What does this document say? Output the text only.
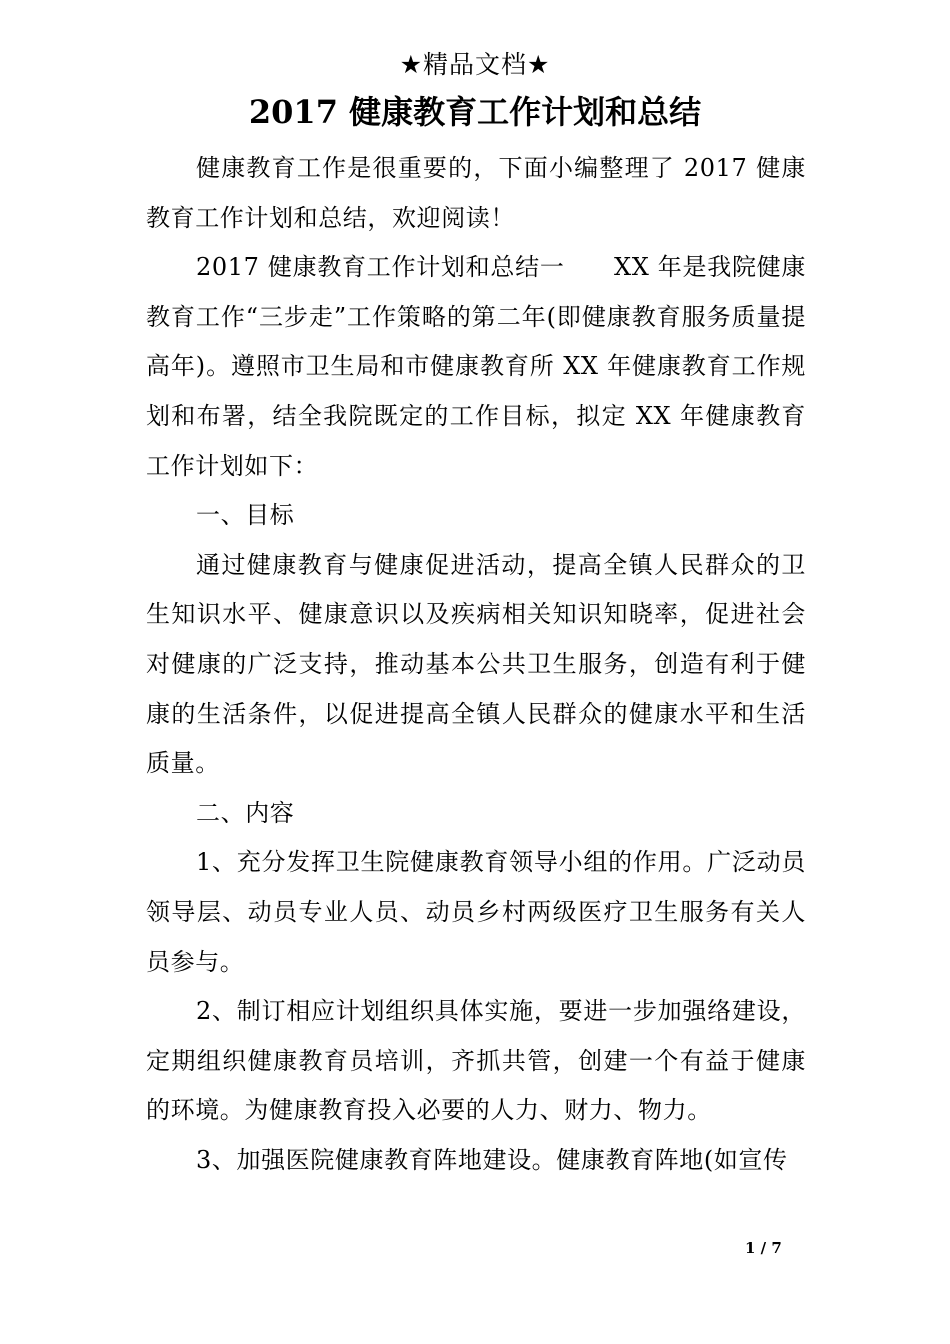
★精品文档★
2017 健康教育工作计划和总结

健康教育工作是很重要的，下面小编整理了 2017 健康教育工作计划和总结，欢迎阅读！

2017 健康教育工作计划和总结一　　XX 年是我院健康教育工作“三步走”工作策略的第二年(即健康教育服务质量提高年)。遵照市卫生局和市健康教育所 XX 年健康教育工作规划和布署，结全我院既定的工作目标，拟定 XX 年健康教育工作计划如下：

一、目标

通过健康教育与健康促进活动，提高全镇人民群众的卫生知识水平、健康意识以及疾病相关知识知晓率，促进社会对健康的广泛支持，推动基本公共卫生服务，创造有利于健康的生活条件，以促进提高全镇人民群众的健康水平和生活质量。

二、内容

1、充分发挥卫生院健康教育领导小组的作用。广泛动员领导层、动员专业人员、动员乡村两级医疗卫生服务有关人员参与。

2、制订相应计划组织具体实施，要进一步加强络建设，定期组织健康教育员培训，齐抓共管，创建一个有益于健康的环境。为健康教育投入必要的人力、财力、物力。

3、加强医院健康教育阵地建设。健康教育阵地(如宣传

1 / 7
